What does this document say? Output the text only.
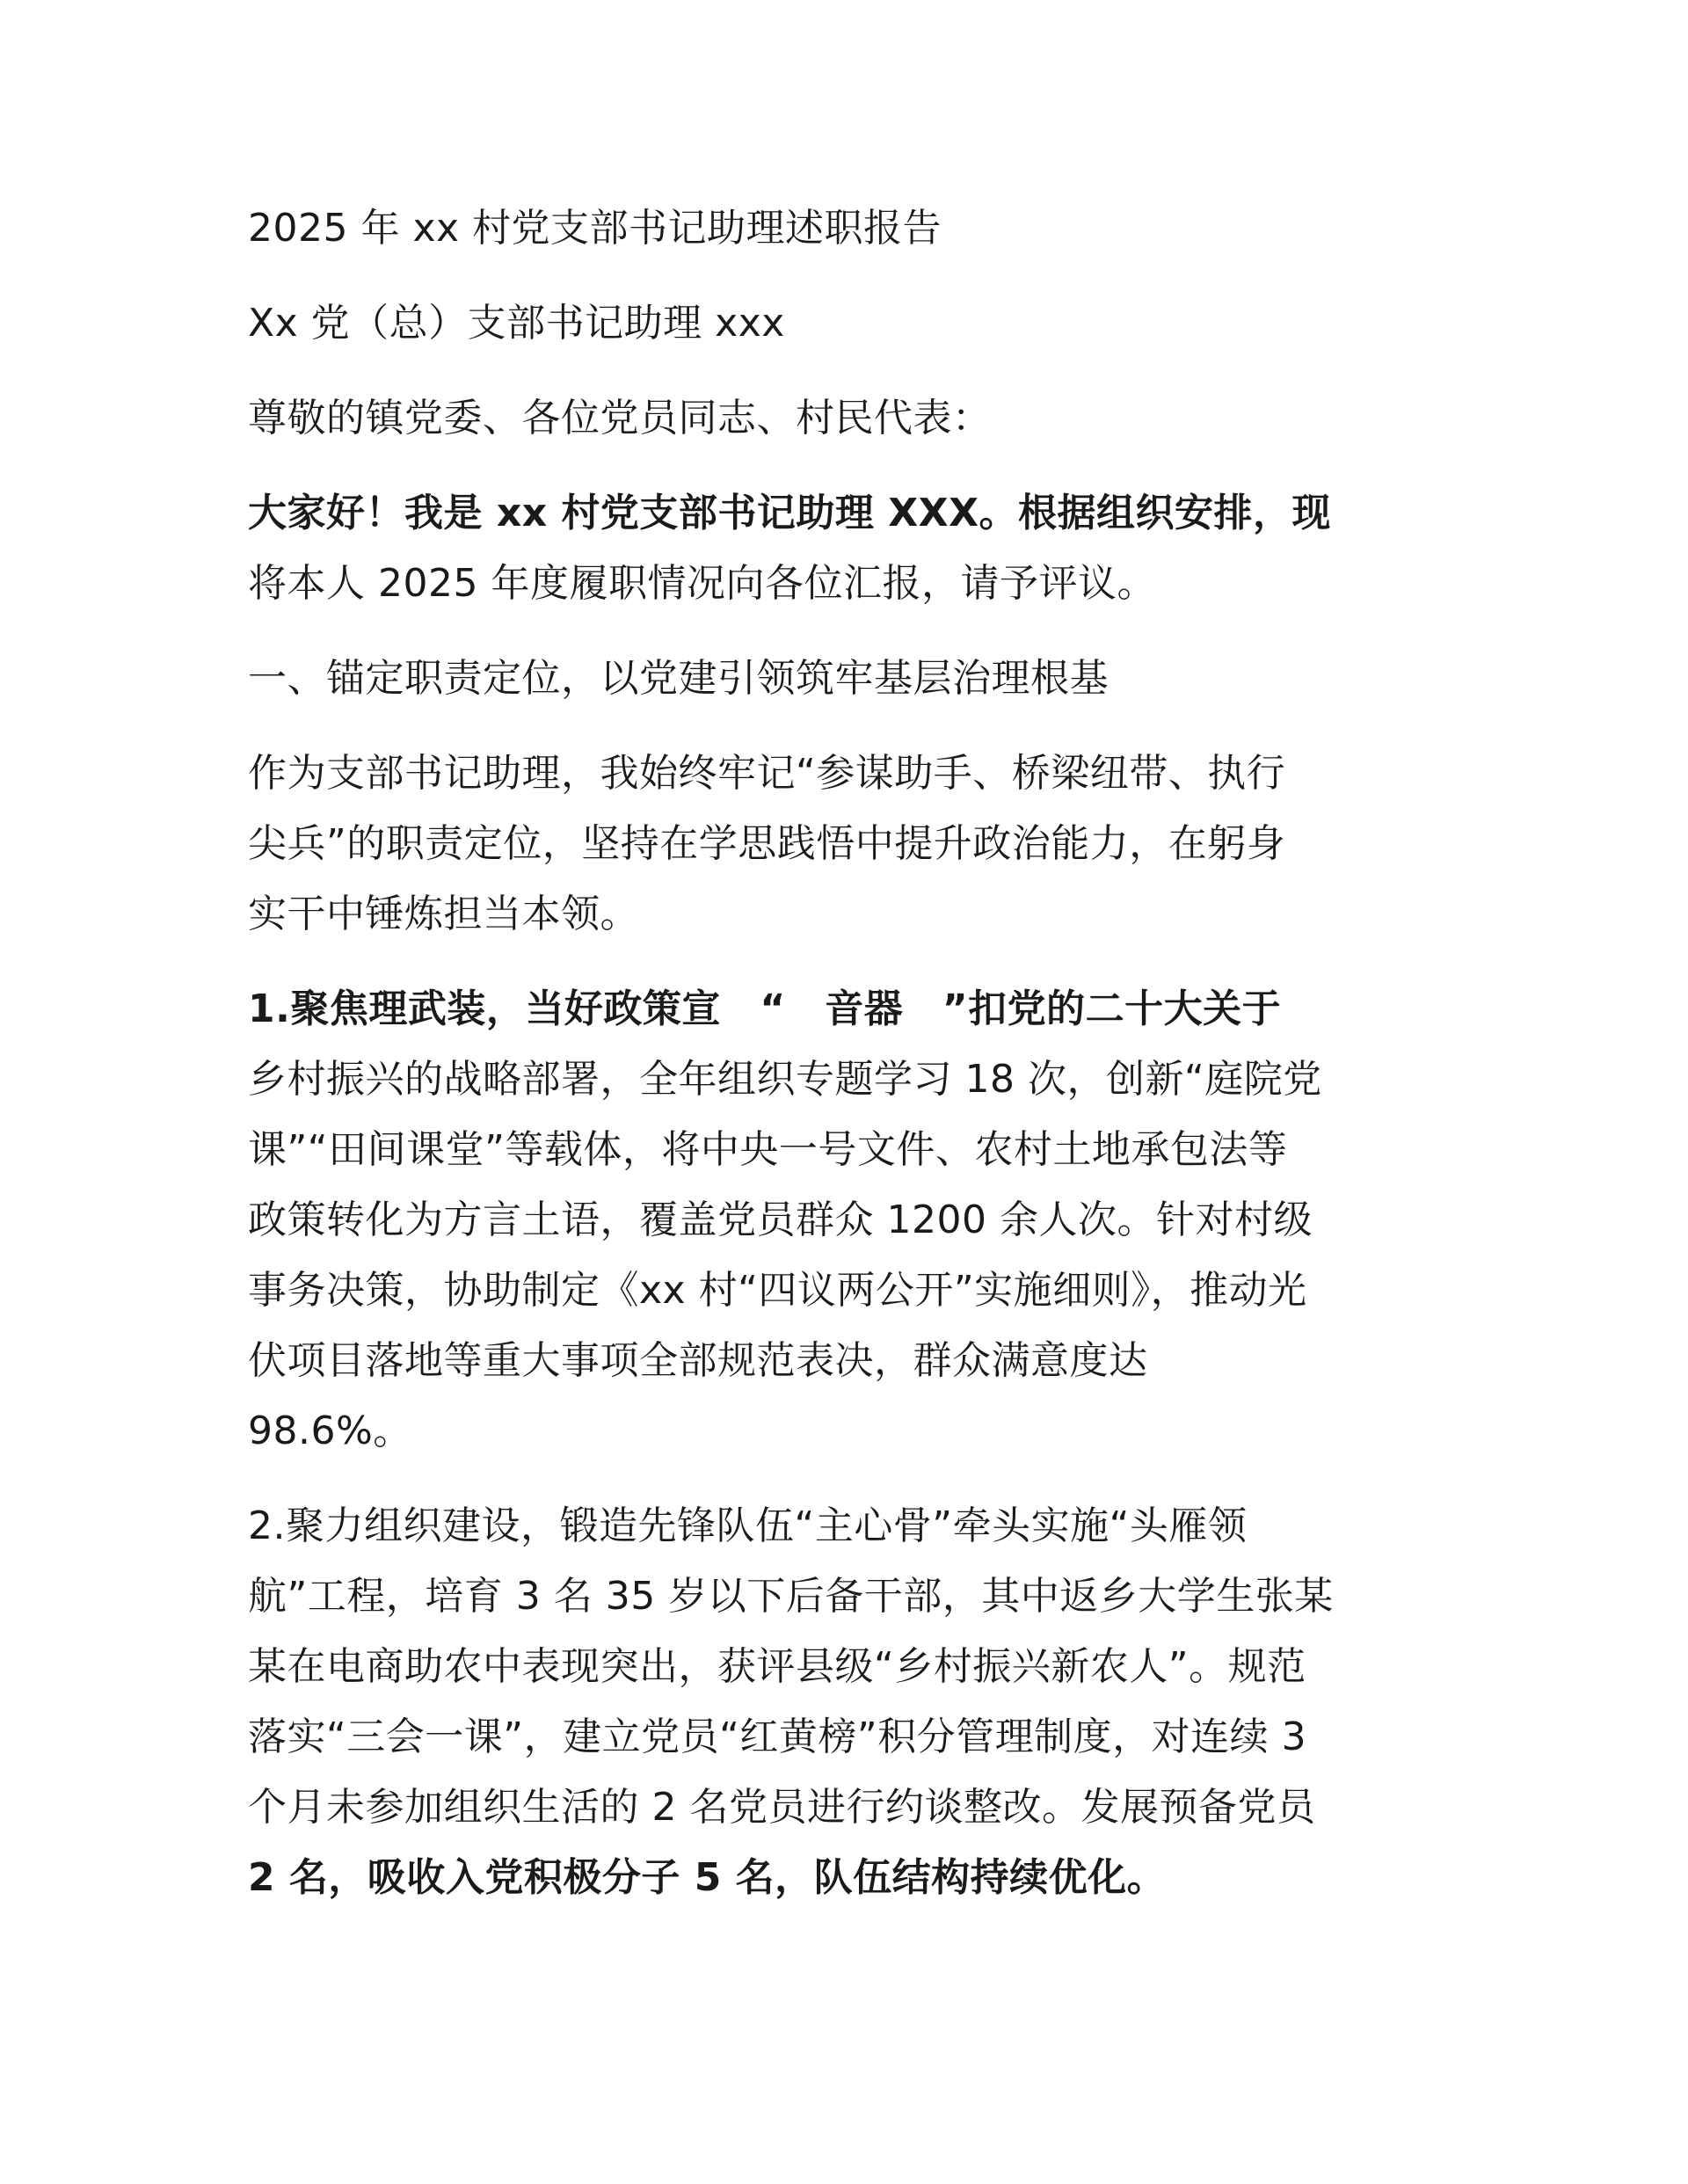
2025 年 xx 村党支部书记助理述职报告
Xx 党（总）支部书记助理 xxx
尊敬的镇党委、各位党员同志、村民代表：
大家好！我是 xx 村党支部书记助理 XXX。根据组织安排，现
将本人 2025 年度履职情况向各位汇报，请予评议。
一、锚定职责定位，以党建引领筑牢基层治理根基
作为支部书记助理，我始终牢记“参谋助手、桥梁纽带、执行
尖兵”的职责定位，坚持在学思践悟中提升政治能力，在躬身
实干中锤炼担当本领。
1.聚焦理武装，当好政策宣　“　音器　”扣党的二十大关于
乡村振兴的战略部署，全年组织专题学习 18 次，创新“庭院党
课”“田间课堂”等载体，将中央一号文件、农村土地承包法等
政策转化为方言土语，覆盖党员群众 1200 余人次。针对村级
事务决策，协助制定《xx 村“四议两公开”实施细则》，推动光
伏项目落地等重大事项全部规范表决，群众满意度达
98.6%。
2.聚力组织建设，锻造先锋队伍“主心骨”牵头实施“头雁领
航”工程，培育 3 名 35 岁以下后备干部，其中返乡大学生张某
某在电商助农中表现突出，获评县级“乡村振兴新农人”。规范
落实“三会一课”，建立党员“红黄榜”积分管理制度，对连续 3
个月未参加组织生活的 2 名党员进行约谈整改。发展预备党员
2 名，吸收入党积极分子 5 名，队伍结构持续优化。
